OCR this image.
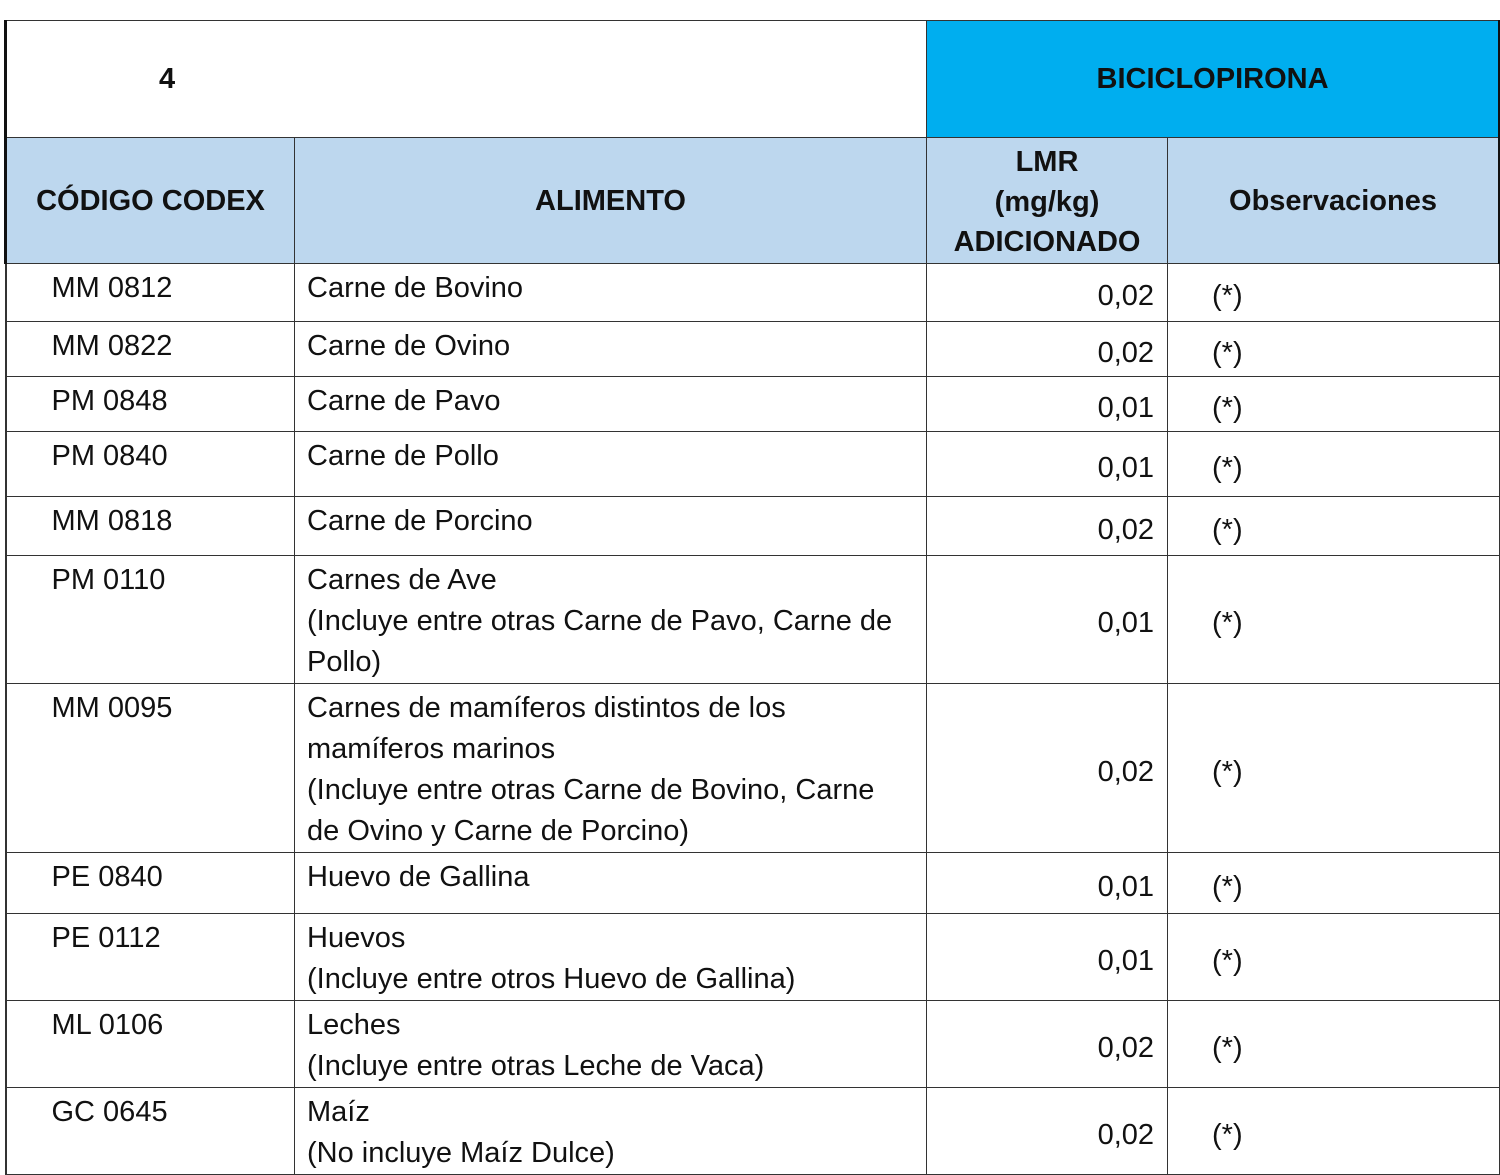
4		BICICLOPIRONA	
CÓDIGO CODEX	ALIMENTO	LMR
(mg/kg)
ADICIONADO	Observaciones
MM 0812	Carne de Bovino	0,02	(*)
MM 0822	Carne de Ovino	0,02	(*)
PM 0848	Carne de Pavo	0,01	(*)
PM 0840	Carne de Pollo	0,01	(*)
MM 0818	Carne de Porcino	0,02	(*)
PM 0110	Carnes de Ave
(Incluye entre otras Carne de Pavo, Carne de
Pollo)	0,01	(*)
MM 0095	Carnes de mamíferos distintos de los
mamíferos marinos
(Incluye entre otras Carne de Bovino, Carne
de Ovino y Carne de Porcino)	0,02	(*)
PE 0840	Huevo de Gallina	0,01	(*)
PE 0112	Huevos
(Incluye entre otros Huevo de Gallina)	0,01	(*)
ML 0106	Leches
(Incluye entre otras Leche de Vaca)	0,02	(*)
GC 0645	Maíz
(No incluye Maíz Dulce)	0,02	(*)
